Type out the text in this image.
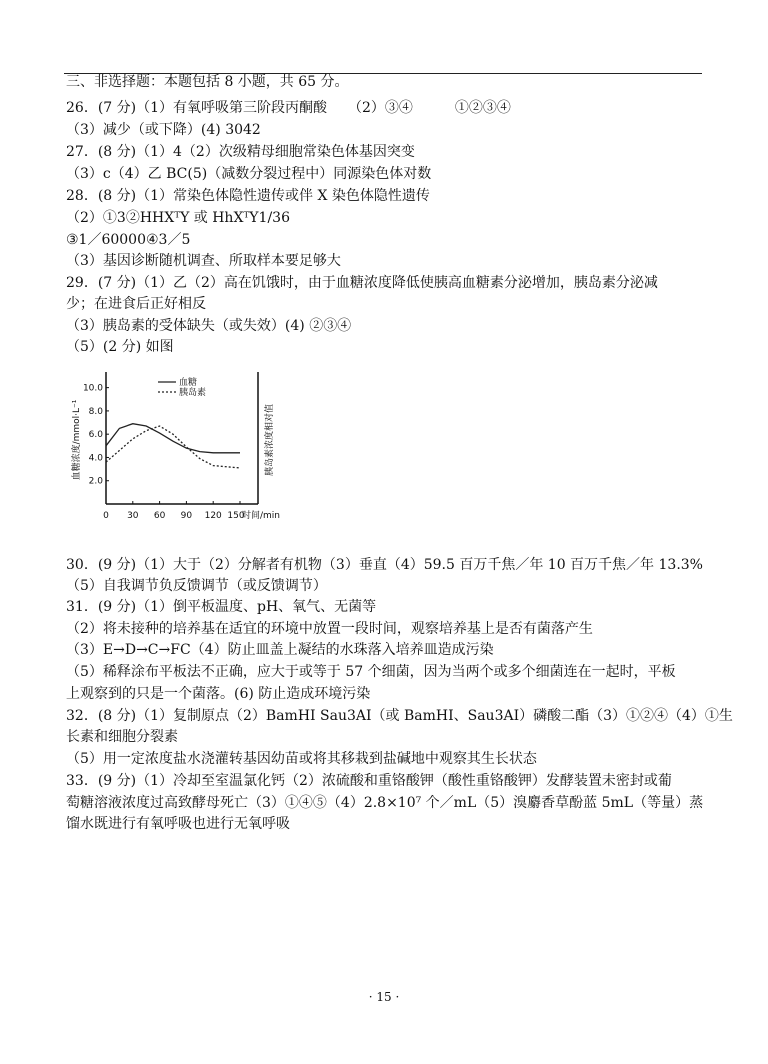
三、非选择题：本题包括 8 小题，共 65 分。
26．(7 分)（1）有氧呼吸第三阶段丙酮酸　　（2）③④　　　①②③④
（3）减少（或下降）(4) 3042
27．(8 分)（1）4（2）次级精母细胞常染色体基因突变
（3）c（4）乙 BC(5)（减数分裂过程中）同源染色体对数
28．(8 分)（1）常染色体隐性遗传或伴 X 染色体隐性遗传
（2）①3②HHXᵀY 或 HhXᵀY1/36
③1／60000④3／5
（3）基因诊断随机调查、所取样本要足够大
29．(7 分)（1）乙（2）高在饥饿时，由于血糖浓度降低使胰高血糖素分泌增加，胰岛素分泌减
少；在进食后正好相反
（3）胰岛素的受体缺失（或失效）(4) ②③④
（5）(2 分) 如图
2.0
4.0
6.0
8.0
10.0
0 30 60 90 120 150
时间/min
血糖浓度/mmol·L⁻¹	胰岛素浓度相对值
血糖
胰岛素
30．(9 分)（1）大于（2）分解者有机物（3）垂直（4）59.5 百万千焦／年 10 百万千焦／年 13.3%
（5）自我调节负反馈调节（或反馈调节）
31．(9 分)（1）倒平板温度、pH、氧气、无菌等
（2）将未接种的培养基在适宜的环境中放置一段时间，观察培养基上是否有菌落产生
（3）E→D→C→FC（4）防止皿盖上凝结的水珠落入培养皿造成污染
（5）稀释涂布平板法不正确，应大于或等于 57 个细菌，因为当两个或多个细菌连在一起时，平板
上观察到的只是一个菌落。(6) 防止造成环境污染
32．(8 分)（1）复制原点（2）BamHI Sau3AI（或 BamHI、Sau3AI）磷酸二酯（3）①②④（4）①生
长素和细胞分裂素
（5）用一定浓度盐水浇灌转基因幼苗或将其移栽到盐碱地中观察其生长状态
33．(9 分)（1）冷却至室温氯化钙（2）浓硫酸和重铬酸钾（酸性重铬酸钾）发酵装置未密封或葡
萄糖溶液浓度过高致酵母死亡（3）①④⑤（4）2.8×10⁷ 个／mL（5）溴麝香草酚蓝 5mL（等量）蒸
馏水既进行有氧呼吸也进行无氧呼吸
· 15 ·
